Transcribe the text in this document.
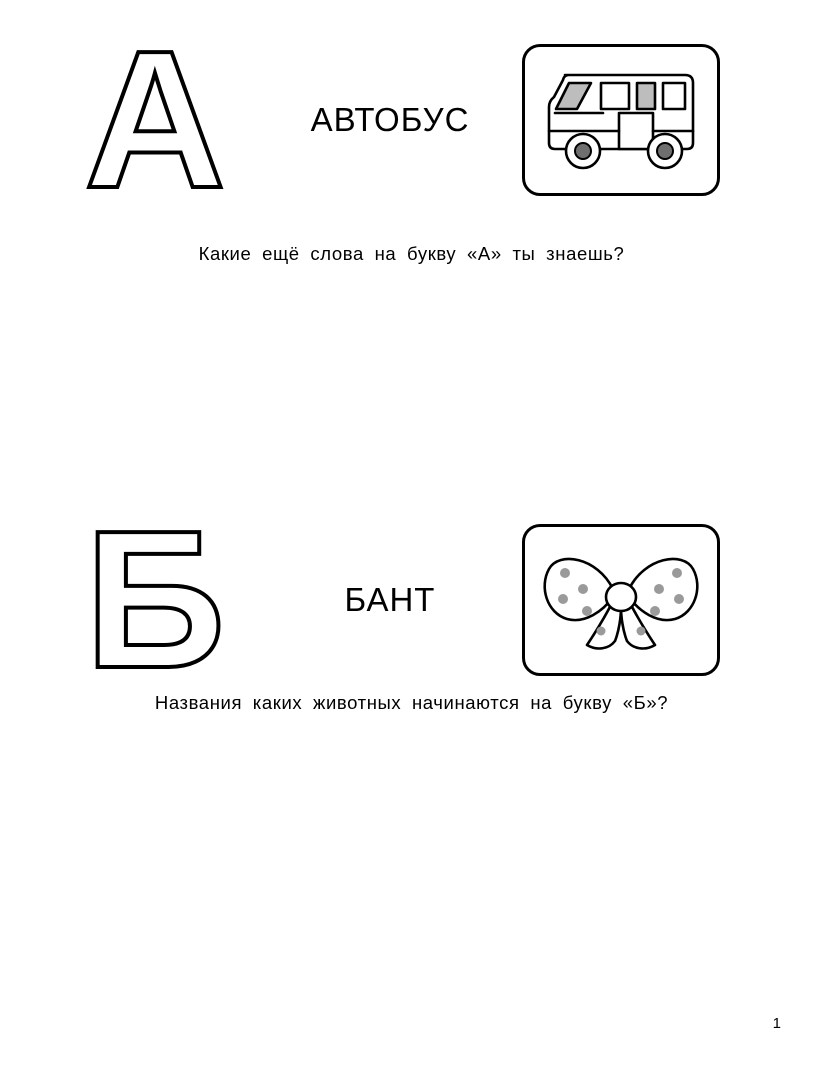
А	АВТОБУС
Какие ещё слова на букву «А» ты знаешь?
Б	БАНТ
Названия каких животных начинаются на букву «Б»?
1
